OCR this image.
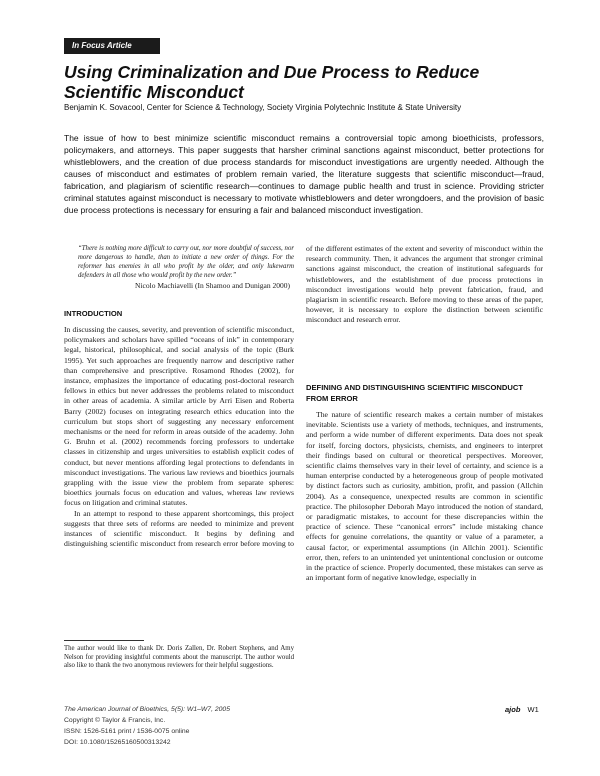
In Focus Article
Using Criminalization and Due Process to Reduce Scientific Misconduct
Benjamin K. Sovacool, Center for Science & Technology, Society Virginia Polytechnic Institute & State University

The issue of how to best minimize scientific misconduct remains a controversial topic among bioethicists, professors, policymakers, and attorneys. This paper suggests that harsher criminal sanctions against misconduct, better protections for whistleblowers, and the creation of due process standards for misconduct investigations are urgently needed. Although the causes of misconduct and estimates of problem remain varied, the literature suggests that scientific misconduct—fraud, fabrication, and plagiarism of scientific research—continues to damage public health and trust in science. Providing stricter criminal statutes against misconduct is necessary to motivate whistleblowers and deter wrongdoers, and the provision of basic due process protections is necessary for ensuring a fair and balanced misconduct investigation.

“There is nothing more difficult to carry out, nor more doubtful of success, nor more dangerous to handle, than to initiate a new order of things. For the reformer has enemies in all who profit by the older, and only lukewarm defenders in all those who would profit by the new order.”

Nicolo Machiavelli (In Shamoo and Dunigan 2000)

INTRODUCTION

In discussing the causes, severity, and prevention of scientific misconduct, policymakers and scholars have spilled “oceans of ink” in contemporary legal, historical, philosophical, and social analysis of the topic (Burk 1995). Yet such approaches are frequently narrow and descriptive rather than comprehensive and prescriptive. Rosamond Rhodes (2002), for instance, emphasizes the importance of educating post-doctoral research fellows in ethics but never addresses the problems related to misconduct in other areas of academia. A similar article by Arri Eisen and Roberta Barry (2002) focuses on integrating research ethics education into the curriculum but stops short of suggesting any necessary enforcement mechanisms or the need for reform in areas outside of the academy. John G. Bruhn et al. (2002) recommends forcing professors to undertake classes in citizenship and urges universities to establish explicit codes of conduct, but never mentions affording legal protections to defendants in misconduct investigations. The various law reviews and bioethics journals grappling with the issue view the problem from separate spheres: bioethics journals focus on education and values, whereas law reviews focus on litigation and criminal statutes.

In an attempt to respond to these apparent shortcomings, this project suggests that three sets of reforms are needed to minimize and prevent instances of scientific misconduct. It begins by defining and distinguishing scientific misconduct from research error before moving to

of the different estimates of the extent and severity of misconduct within the research community. Then, it advances the argument that stronger criminal sanctions against misconduct, the creation of institutional safeguards for whistleblowers, and the establishment of due process protections in misconduct investigations would help prevent fabrication, fraud, and plagiarism in scientific research. Before moving to these areas of the paper, however, it is necessary to explore the distinction between scientific misconduct and research error.

DEFINING AND DISTINGUISHING SCIENTIFIC MISCONDUCT FROM ERROR

The nature of scientific research makes a certain number of mistakes inevitable. Scientists use a variety of methods, techniques, and instruments, and perform a wide number of different experiments. Data does not speak for itself, forcing doctors, physicists, chemists, and engineers to interpret their findings based on cultural or theoretical perspectives. Moreover, scientific claims themselves vary in their level of certainty, and science is a human enterprise conducted by a heterogeneous group of people motivated by distinct factors such as curiosity, ambition, profit, and passion (Allchin 2004). As a consequence, unexpected results are common in scientific practice. The philosopher Deborah Mayo introduced the notion of standard, or paradigmatic mistakes, to account for these discrepancies within the practice of science. These “canonical errors” include mistaking chance effects for genuine correlations, the quantity or value of a parameter, a causal factor, or experimental assumptions (in Allchin 2001). Scientific error, then, refers to an unintended yet unintentional conclusion or outcome in the practice of science. Properly documented, these mistakes can serve as an important form of negative knowledge, especially in

The author would like to thank Dr. Doris Zallen, Dr. Robert Stephens, and Amy Nelson for providing insightful comments about the manuscript. The author would also like to thank the two anonymous reviewers for their helpful suggestions.

The American Journal of Bioethics, 5(5): W1–W7, 2005
Copyright © Taylor & Francis, Inc.
ISSN: 1526-5161 print / 1536-0075 online
DOI: 10.1080/15265160500313242
ajob W1
